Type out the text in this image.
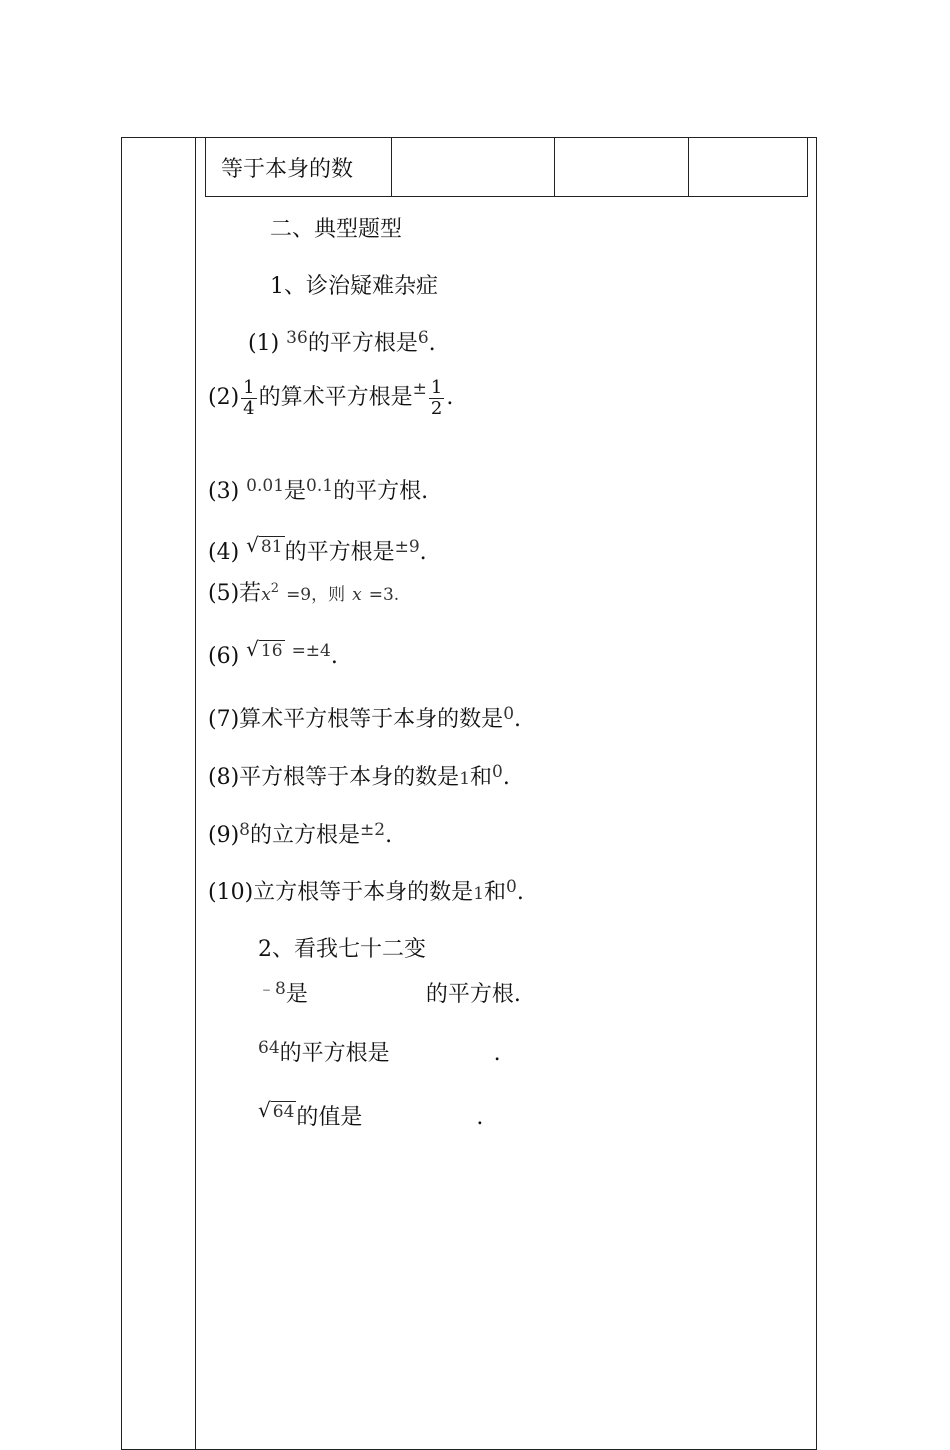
等于本身的数
二、典型题型
1、诊治疑难杂症
(1) $^{36}$的平方根是$^6$.
$(2) \frac{1}{4}$ 的算术平方根是$^\pm \frac{1}{2}$ .
(3) $^{0.01}$是$^{0.1}$的平方根.
(4) √ 81的平方根是$^{\pm 9}$.
(5)若$x^2 =9$，则 x =3.
(6) √ 16 $^{=\pm 4}$.
(7)算术平方根等于本身的数是$^0$.
(8)平方根等于本身的数是1和$^0$.
$(9)^8$的立方根是$^{\pm 2}$.
(10)立方根等于本身的数是1和$^0$.
2、看我七十二变
$^{﹣8}$是	的平方根.
$^{64}$的平方根是	.
√ 64的值是	.
